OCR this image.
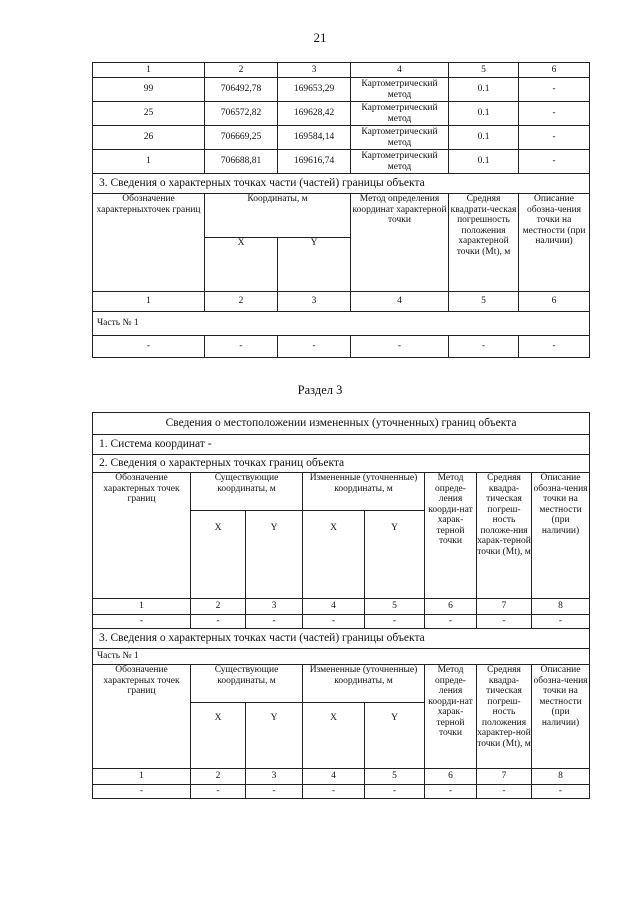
21
1	2	3	4	5	6
99	706492,78	169653,29	Картометрический метод	0.1	-
25	706572,82	169628,42	Картометрический метод	0.1	-
26	706669,25	169584,14	Картометрический метод	0.1	-
1	706688,81	169616,74	Картометрический метод	0.1	-
3. Сведения о характерных точках части (частей) границы объекта					
Обозначение характерныхточек границ	Координаты, м		Метод определения координат характерной точки	Средняя квадрати-ческая погрешность положения характерной точки (Mt), м	Описание обозна-чения точки на местности (при наличии)
	X	Y			
1	2	3	4	5	6
Часть № 1					
-	-	-	-	-	-
Раздел 3
Сведения о местоположении измененных (уточненных) границ объекта							
1. Система координат -							
2. Сведения о характерных точках границ объекта							
Обозначение характерных точек границ	Существующие координаты, м		Измененные (уточненные) координаты, м		Метод опреде-ления коорди-нат харак-терной точки	Средняя квадра-тическая погреш-ность положе-ния харак-терной точки (Mt), м	Описание обозна-чения точки на местности (при наличии)
	X	Y	X	Y			
1	2	3	4	5	6	7	8
-	-	-	-	-	-	-	-
3. Сведения о характерных точках части (частей) границы объекта							
Часть № 1							
Обозначение характерных точек границ	Существующие координаты, м		Измененные (уточненные) координаты, м		Метод опреде-ления коорди-нат харак-терной точки	Средняя квадра-тическая погреш-ность положения характер-ной точки (Mt), м	Описание обозна-чения точки на местности (при наличии)
	X	Y	X	Y			
1	2	3	4	5	6	7	8
-	-	-	-	-	-	-	-
